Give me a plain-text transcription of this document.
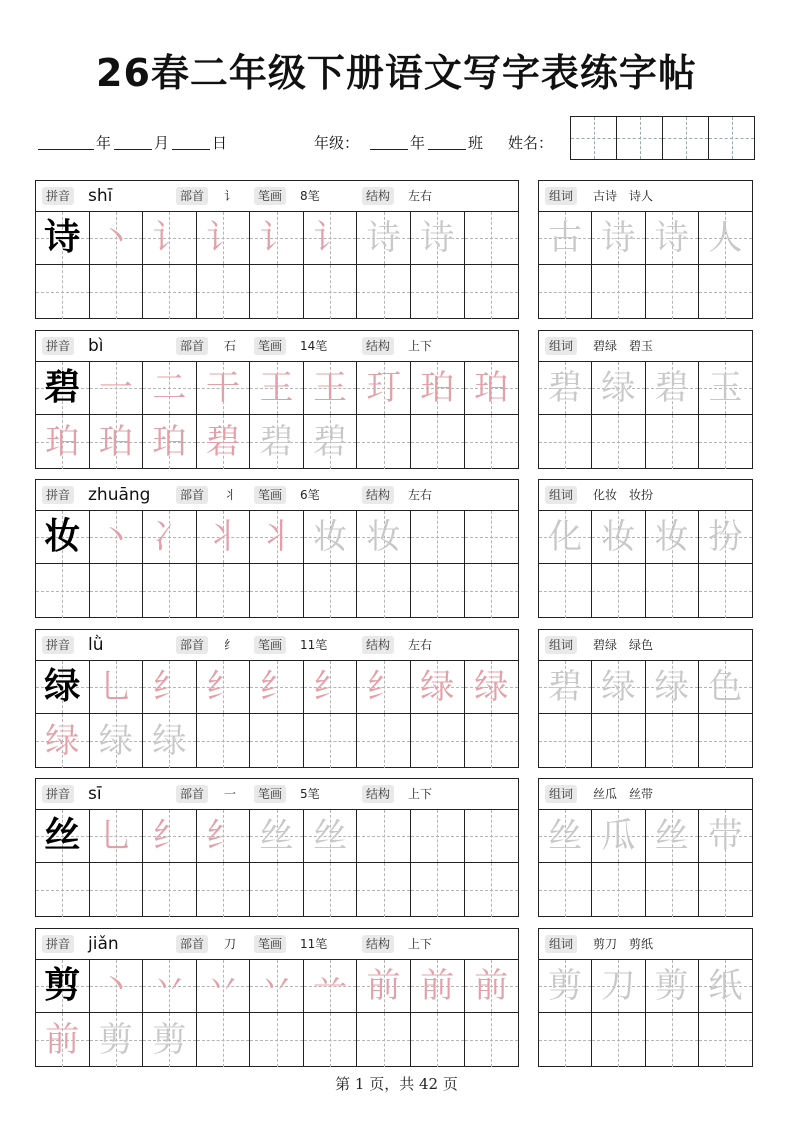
26春二年级下册语文写字表练字帖
年	月	日	年级：	年	班 姓名：
拼音 shī	部首	讠	笔画	8笔	结构	左右
诗 丶 讠 讠 讠 讠 诗 诗
组词	古诗　诗人
古 诗 诗 人
拼音 bì	部首	石	笔画	14笔	结构	上下
碧 一 二 干 王 王 玎 珀 珀
珀 珀 珀 碧 碧 碧
组词	碧绿　碧玉
碧 绿 碧 玉
拼音 zhuāng	部首	丬	笔画	6笔	结构	左右
妆 丶 冫 丬 丬 妆 妆
组词	化妆　妆扮
化 妆 妆 扮
拼音 lǜ	部首	纟	笔画	11笔	结构	左右
绿 乚 纟 纟 纟 纟 纟 绿 绿
绿 绿 绿
组词	碧绿　绿色
碧 绿 绿 色
拼音 sī	部首	一	笔画	5笔	结构	上下
丝 乚 纟 纟 丝 丝
组词	丝瓜　丝带
丝 瓜 丝 带
拼音 jiǎn	部首	刀	笔画	11笔	结构	上下
剪 丶 丷 丷 丷 䒑 前 前 前
前 剪 剪
组词	剪刀　剪纸
剪 刀 剪 纸
第 1 页，共 42 页
